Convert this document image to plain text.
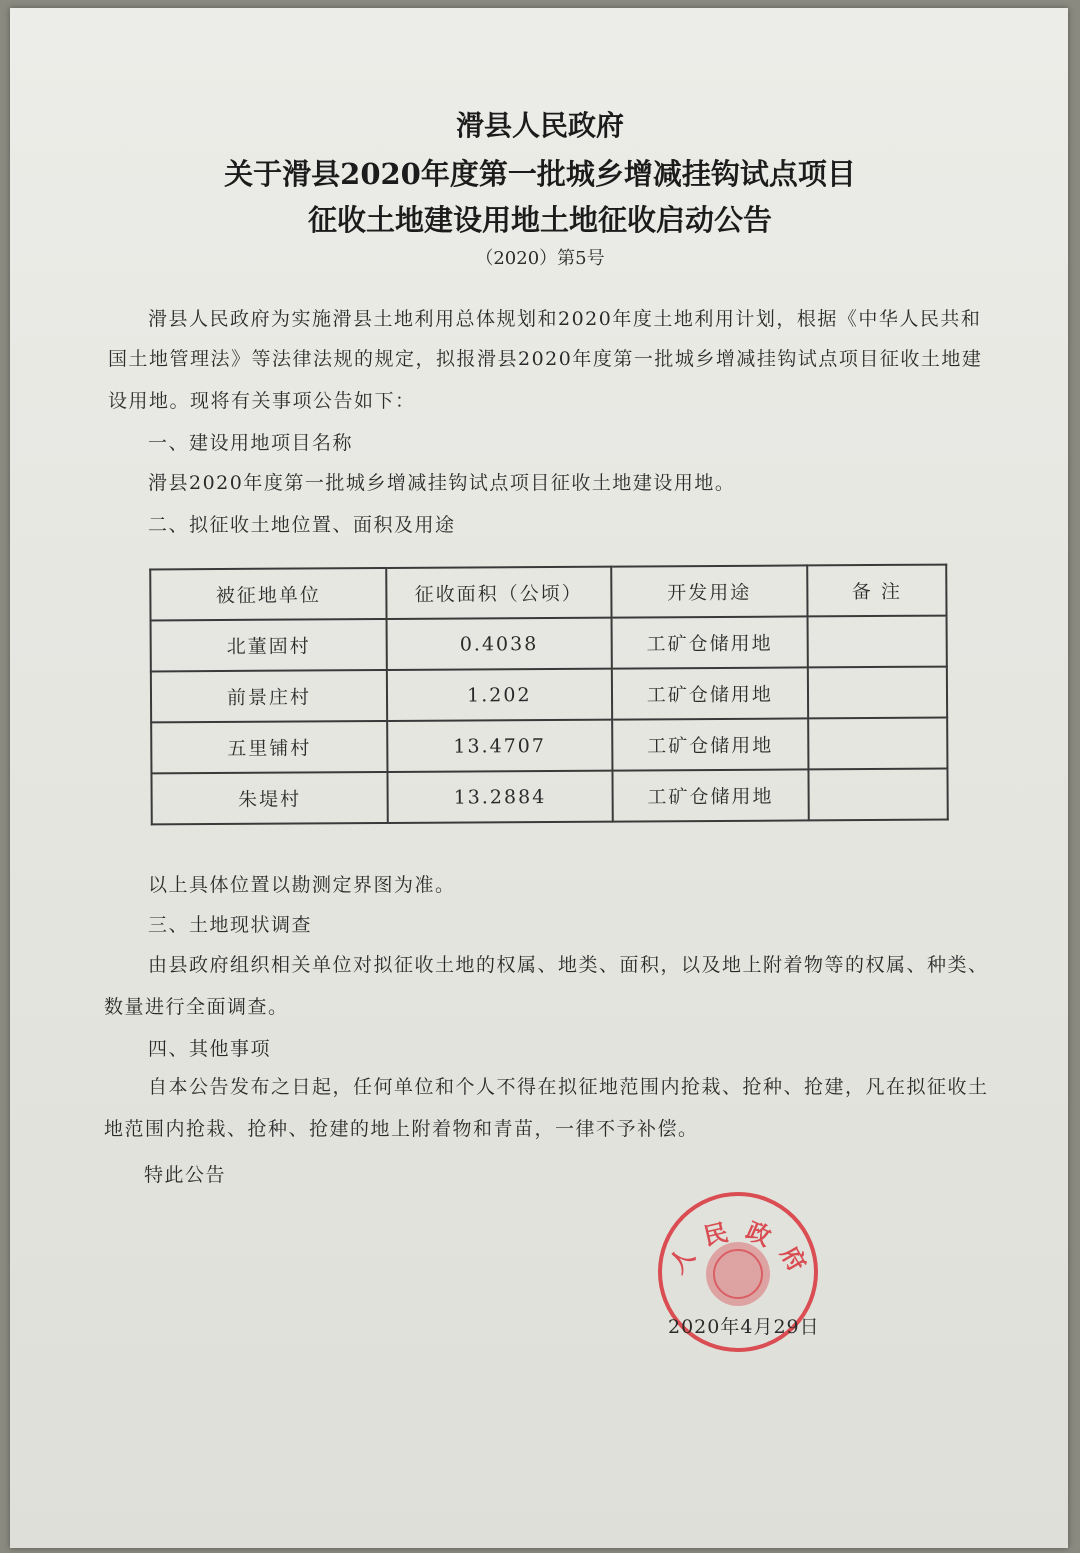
滑县人民政府
关于滑县2020年度第一批城乡增减挂钩试点项目
征收土地建设用地土地征收启动公告
（2020）第5号
滑县人民政府为实施滑县土地利用总体规划和2020年度土地利用计划，根据《中华人民共和
国土地管理法》等法律法规的规定，拟报滑县2020年度第一批城乡增减挂钩试点项目征收土地建
设用地。现将有关事项公告如下：
一、建设用地项目名称
滑县2020年度第一批城乡增减挂钩试点项目征收土地建设用地。
二、拟征收土地位置、面积及用途
被征地单位	征收面积（公顷）	开发用途	备 注
北董固村	0.4038	工矿仓储用地	
前景庄村	1.202	工矿仓储用地	
五里铺村	13.4707	工矿仓储用地	
朱堤村	13.2884	工矿仓储用地	
以上具体位置以勘测定界图为准。
三、土地现状调查
由县政府组织相关单位对拟征收土地的权属、地类、面积，以及地上附着物等的权属、种类、
数量进行全面调查。
四、其他事项
自本公告发布之日起，任何单位和个人不得在拟征地范围内抢栽、抢种、抢建，凡在拟征收土
地范围内抢栽、抢种、抢建的地上附着物和青苗，一律不予补偿。
特此公告
人民政府
2020年4月29日
